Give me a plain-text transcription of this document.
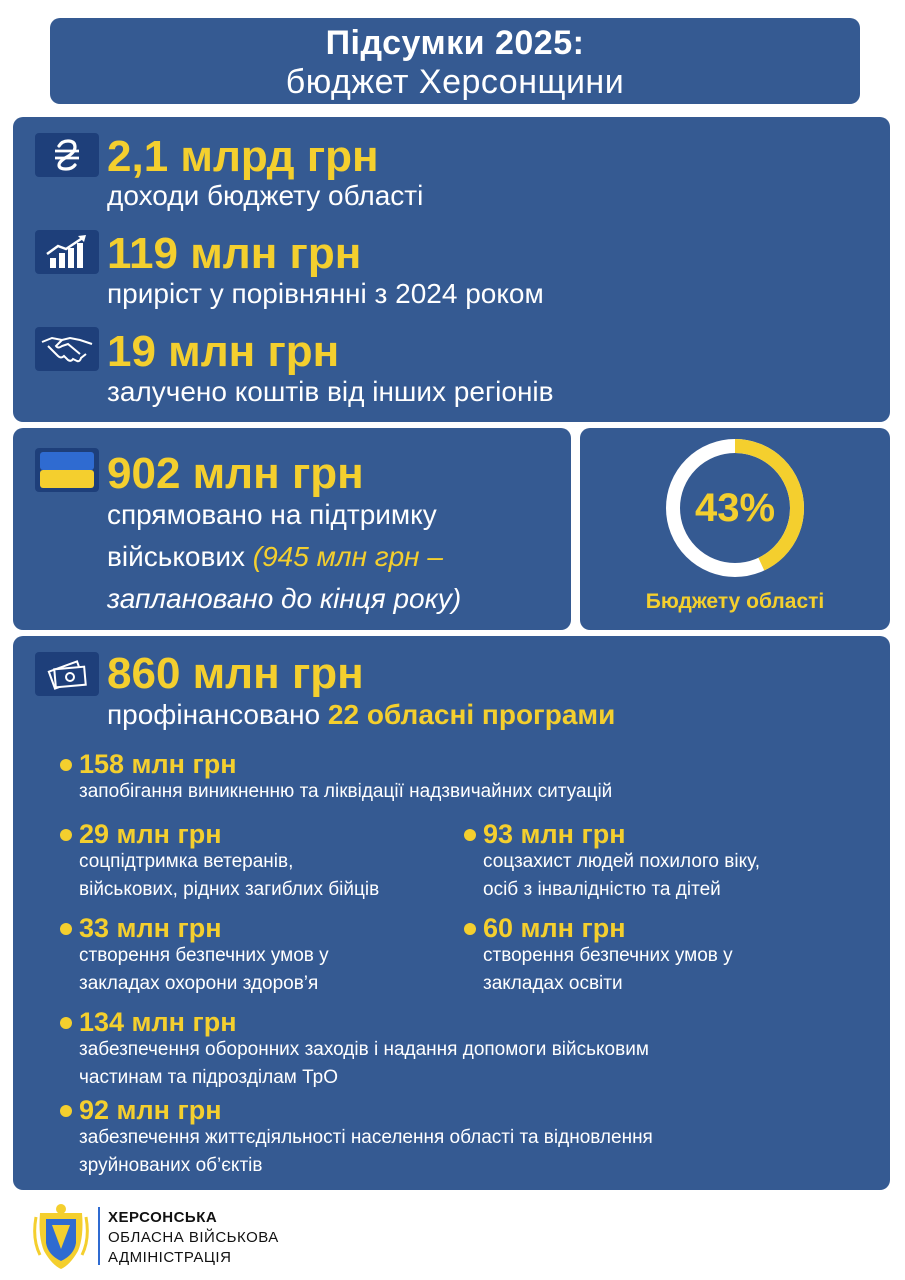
Підсумки 2025:
бюджет Херсонщини
2,1 млрд грн
доходи бюджету області
119 млн грн
приріст у порівнянні з 2024 роком
19 млн грн
залучено коштів від інших регіонів
902 млн грн
спрямовано на підтримку
військових (945 млн грн –
заплановано до кінця року)
43%
Бюджету області
860 млн грн
профінансовано 22 обласні програми
158 млн грн
запобігання виникненню та ліквідації надзвичайних ситуацій
29 млн грн
соцпідтримка ветеранів,
військових, рідних загиблих бійців
93 млн грн
соцзахист людей похилого віку,
осіб з інвалідністю та дітей
33 млн грн
створення безпечних умов у
закладах охорони здоров’я
60 млн грн
створення безпечних умов у
закладах освіти
134 млн грн
забезпечення оборонних заходів і надання допомоги військовим
частинам та підрозділам ТрО
92 млн грн
забезпечення життєдіяльності населення області та відновлення
зруйнованих об’єктів
ХЕРСОНСЬКА
ОБЛАСНА ВІЙСЬКОВА
АДМІНІСТРАЦІЯ
